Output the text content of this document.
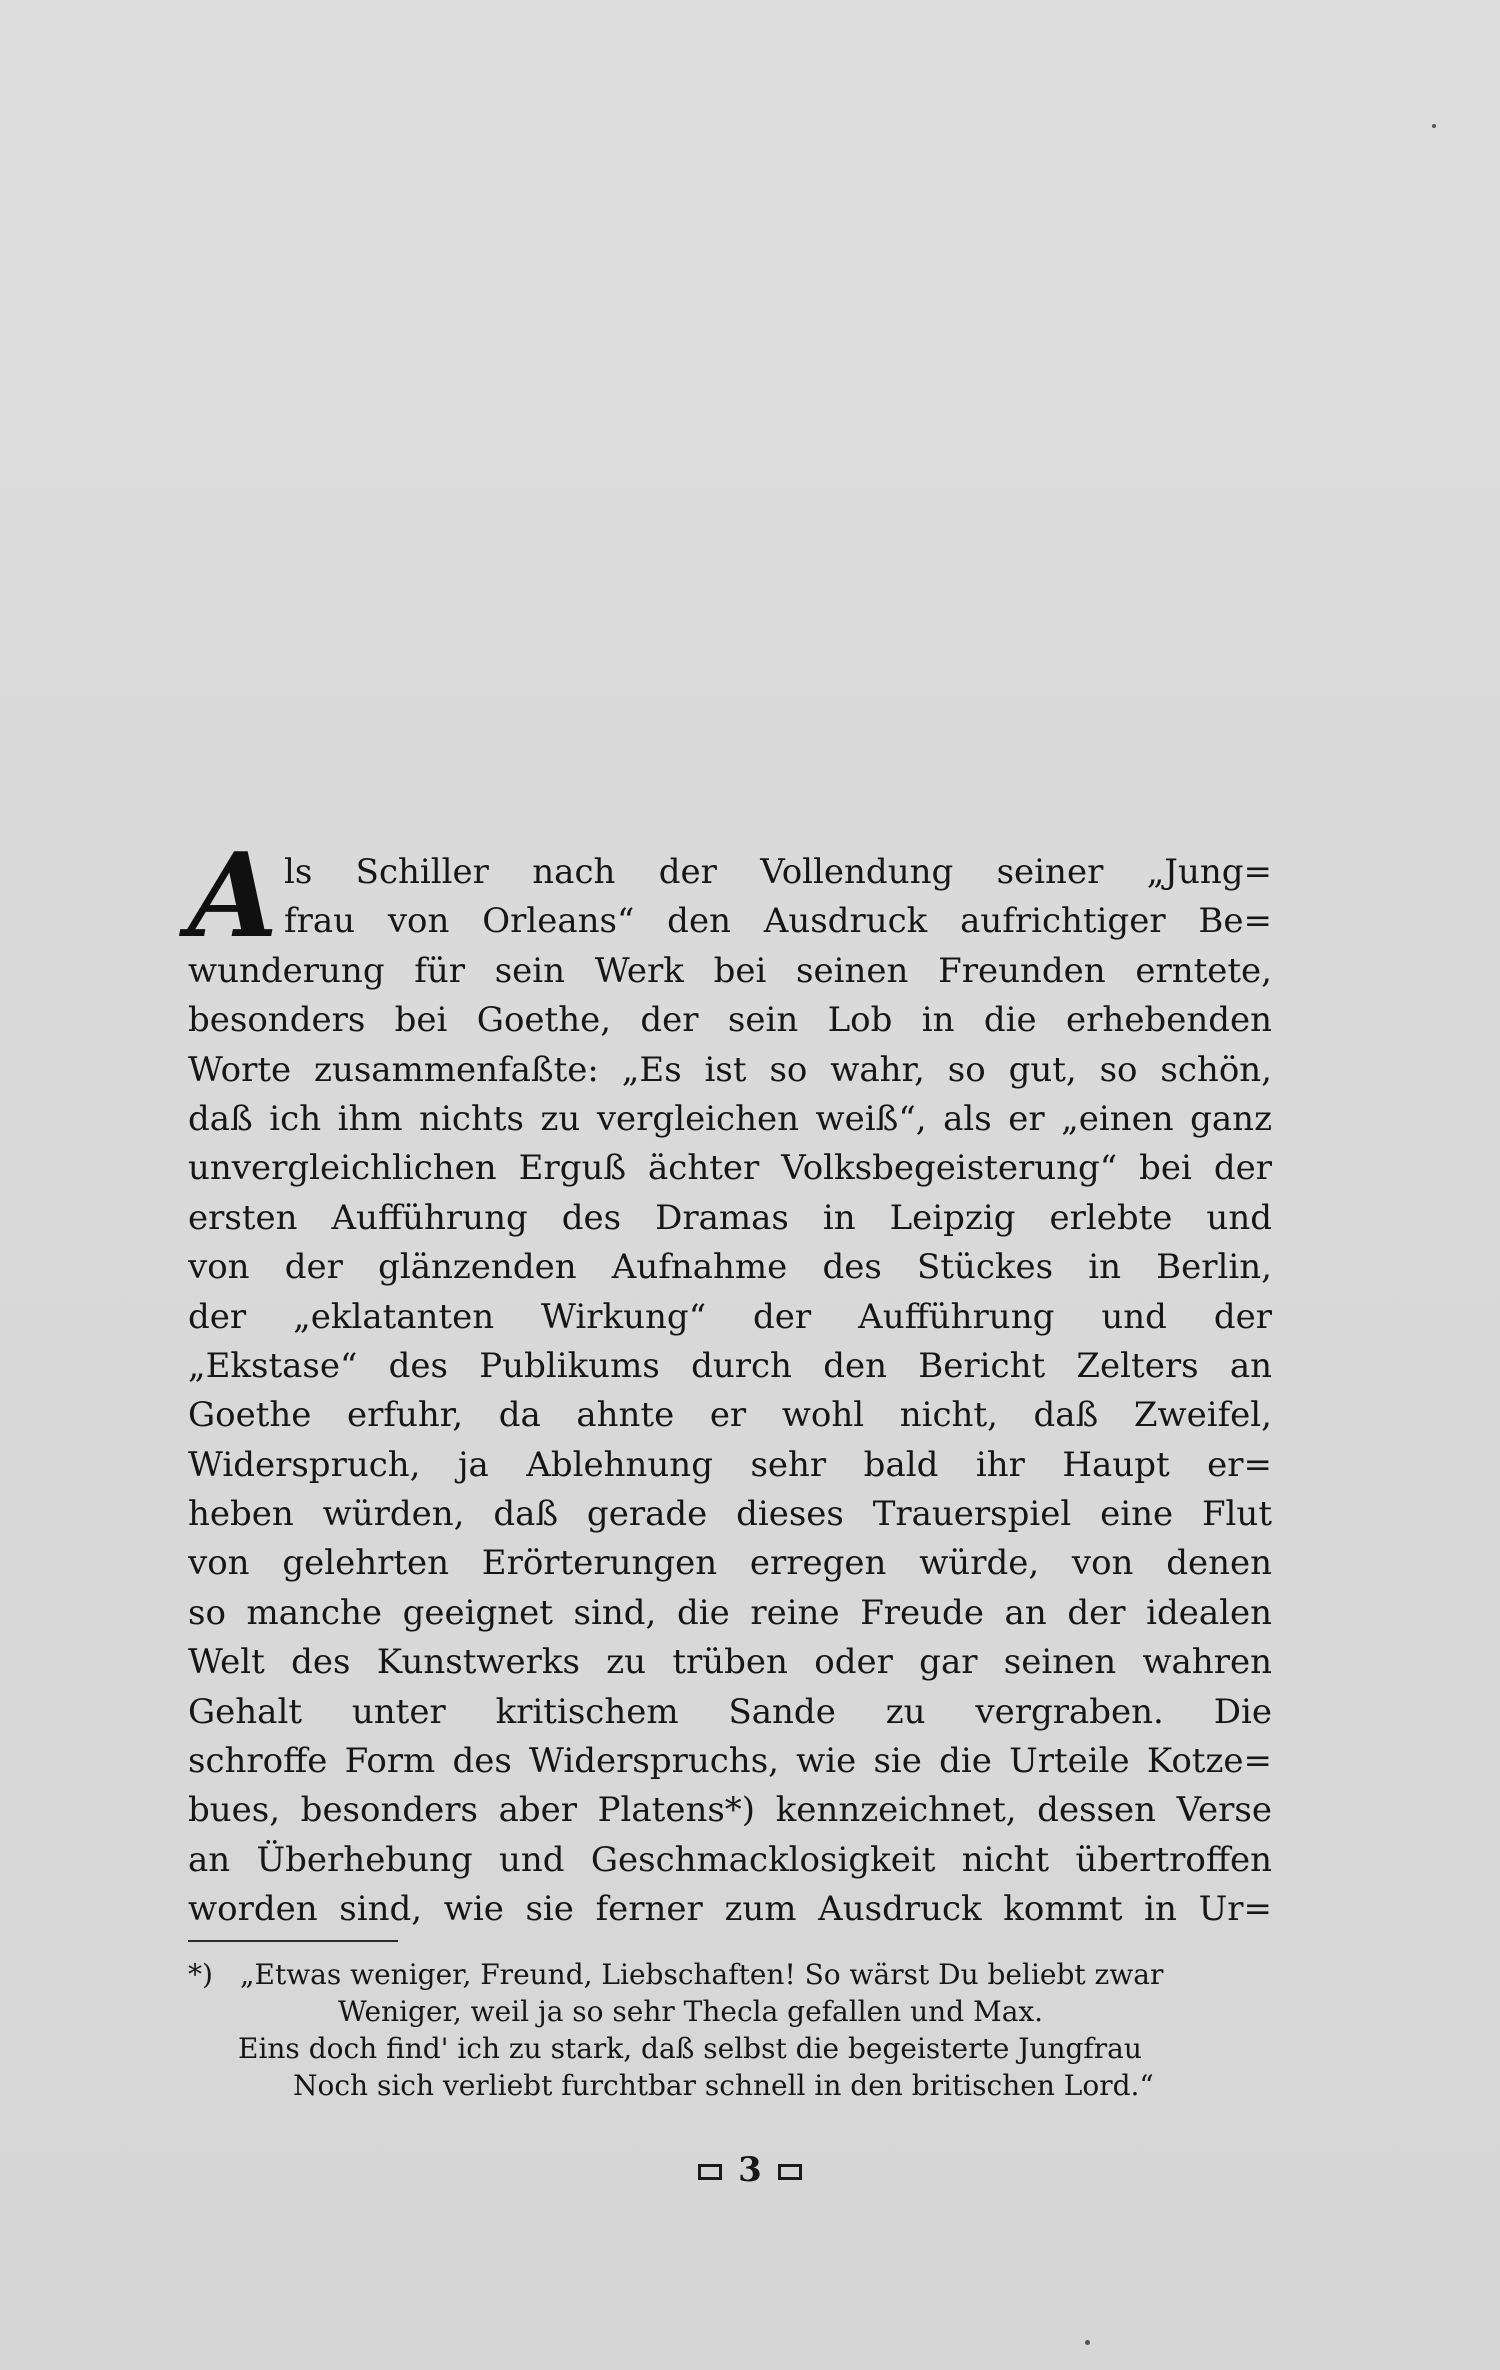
A ls Schiller nach der Vollendung seiner „Jung=
frau von Orleans“ den Ausdruck aufrichtiger Be=
wunderung für sein Werk bei seinen Freunden erntete,
besonders bei Goethe, der sein Lob in die erhebenden
Worte zusammenfaßte: „Es ist so wahr, so gut, so schön,
daß ich ihm nichts zu vergleichen weiß“, als er „einen ganz
unvergleichlichen Erguß ächter Volksbegeisterung“ bei der
ersten Aufführung des Dramas in Leipzig erlebte und
von der glänzenden Aufnahme des Stückes in Berlin,
der „eklatanten Wirkung“ der Aufführung und der
„Ekstase“ des Publikums durch den Bericht Zelters an
Goethe erfuhr, da ahnte er wohl nicht, daß Zweifel,
Widerspruch, ja Ablehnung sehr bald ihr Haupt er=
heben würden, daß gerade dieses Trauerspiel eine Flut
von gelehrten Erörterungen erregen würde, von denen
so manche geeignet sind, die reine Freude an der idealen
Welt des Kunstwerks zu trüben oder gar seinen wahren
Gehalt unter kritischem Sande zu vergraben. Die
schroffe Form des Widerspruchs, wie sie die Urteile Kotze=
bues, besonders aber Platens*) kennzeichnet, dessen Verse
an Überhebung und Geschmacklosigkeit nicht übertroffen
worden sind, wie sie ferner zum Ausdruck kommt in Ur=
*) „Etwas weniger, Freund, Liebschaften! So wärst Du beliebt zwar
Weniger, weil ja so sehr Thecla gefallen und Max.
Eins doch find' ich zu stark, daß selbst die begeisterte Jungfrau
Noch sich verliebt furchtbar schnell in den britischen Lord.“
3
